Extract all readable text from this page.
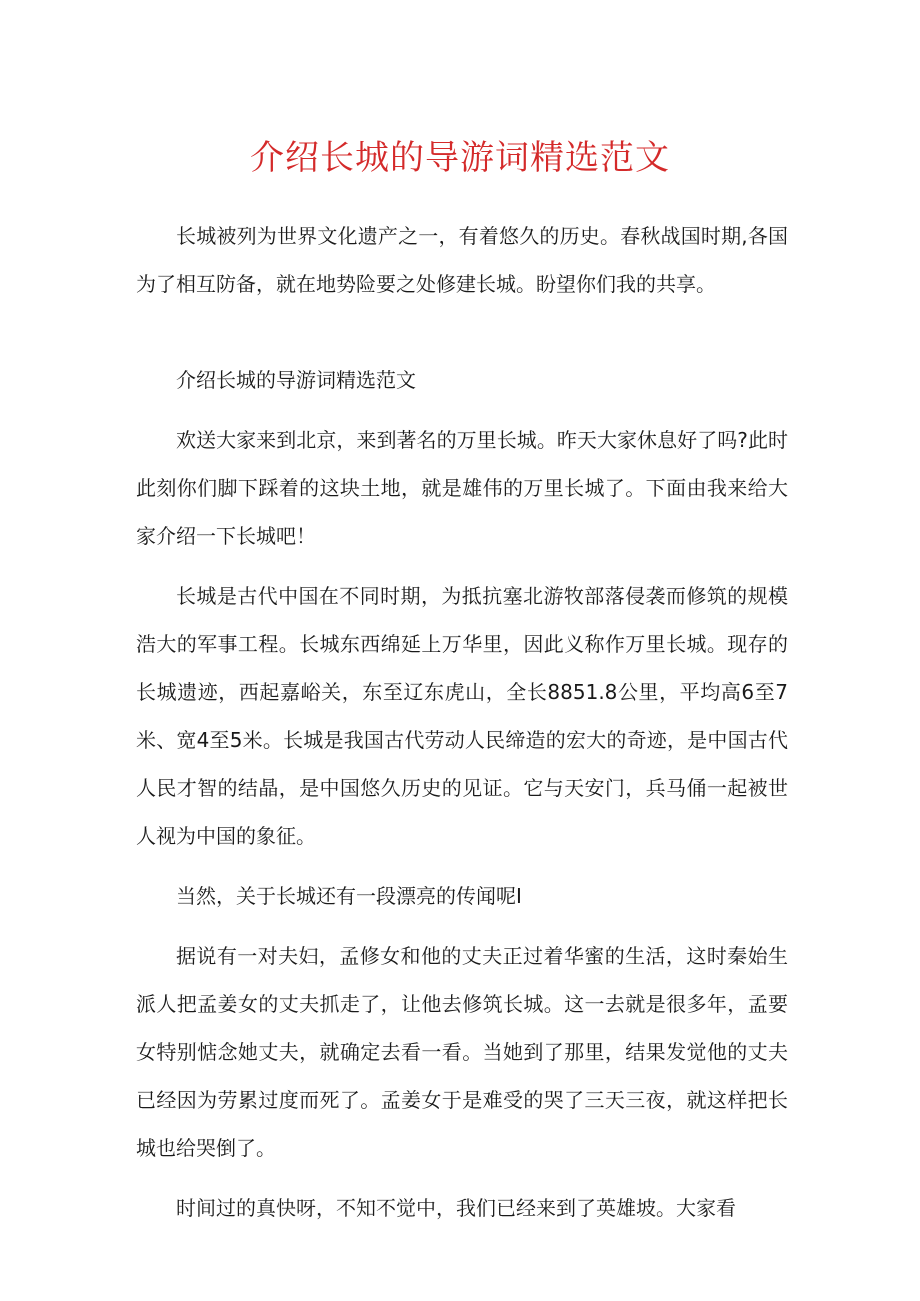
介绍长城的导游词精选范文

长城被列为世界文化遗产之一，有着悠久的历史。春秋战国时期,各国为了相互防备，就在地势险要之处修建长城。盼望你们我的共享。

介绍长城的导游词精选范文

欢送大家来到北京，来到著名的万里长城。昨天大家休息好了吗?此时此刻你们脚下踩着的这块土地，就是雄伟的万里长城了。下面由我来给大家介绍一下长城吧！

长城是古代中国在不同时期，为抵抗塞北游牧部落侵袭而修筑的规模浩大的军事工程。长城东西绵延上万华里，因此义称作万里长城。现存的长城遗迹，西起嘉峪关，东至辽东虎山，全长8851.8公里，平均高6至7米、宽4至5米。长城是我国古代劳动人民缔造的宏大的奇迹，是中国古代人民才智的结晶，是中国悠久历史的见证。它与天安门，兵马俑一起被世人视为中国的象征。

当然，关于长城还有一段漂亮的传闻呢I

据说有一对夫妇，孟修女和他的丈夫正过着华蜜的生活，这时秦始生派人把孟姜女的丈夫抓走了，让他去修筑长城。这一去就是很多年，孟要女特别惦念她丈夫，就确定去看一看。当她到了那里，结果发觉他的丈夫已经因为劳累过度而死了。孟姜女于是难受的哭了三天三夜，就这样把长城也给哭倒了。

时间过的真快呀，不知不觉中，我们已经来到了英雄坡。大家看
